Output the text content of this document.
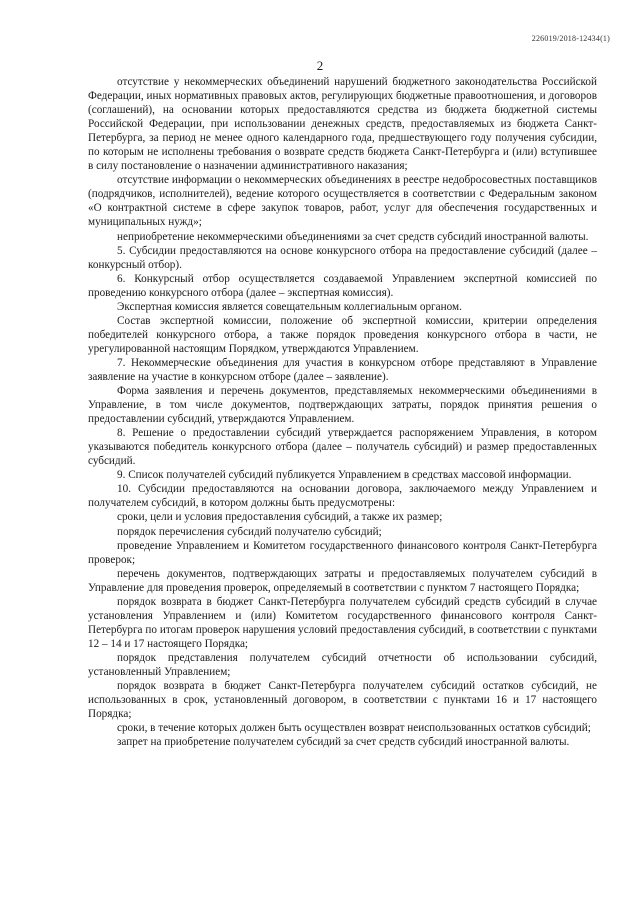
226019/2018-12434(1)
2

отсутствие у некоммерческих объединений нарушений бюджетного законодательства Российской Федерации, иных нормативных правовых актов, регулирующих бюджетные правоотношения, и договоров (соглашений), на основании которых предоставляются средства из бюджета бюджетной системы Российской Федерации, при использовании денежных средств, предоставляемых из бюджета Санкт-Петербурга, за период не менее одного календарного года, предшествующего году получения субсидии, по которым не исполнены требования о возврате средств бюджета Санкт-Петербурга и (или) вступившее в силу постановление о назначении административного наказания;

отсутствие информации о некоммерческих объединениях в реестре недобросовестных поставщиков (подрядчиков, исполнителей), ведение которого осуществляется в соответствии с Федеральным законом «О контрактной системе в сфере закупок товаров, работ, услуг для обеспечения государственных и муниципальных нужд»;

неприобретение некоммерческими объединениями за счет средств субсидий иностранной валюты.

5. Субсидии предоставляются на основе конкурсного отбора на предоставление субсидий (далее – конкурсный отбор).

6. Конкурсный отбор осуществляется создаваемой Управлением экспертной комиссией по проведению конкурсного отбора (далее – экспертная комиссия).

Экспертная комиссия является совещательным коллегиальным органом.

Состав экспертной комиссии, положение об экспертной комиссии, критерии определения победителей конкурсного отбора, а также порядок проведения конкурсного отбора в части, не урегулированной настоящим Порядком, утверждаются Управлением.

7. Некоммерческие объединения для участия в конкурсном отборе представляют в Управление заявление на участие в конкурсном отборе (далее – заявление).

Форма заявления и перечень документов, представляемых некоммерческими объединениями в Управление, в том числе документов, подтверждающих затраты, порядок принятия решения о предоставлении субсидий, утверждаются Управлением.

8. Решение о предоставлении субсидий утверждается распоряжением Управления, в котором указываются победитель конкурсного отбора (далее – получатель субсидий) и размер предоставленных субсидий.

9. Список получателей субсидий публикуется Управлением в средствах массовой информации.

10. Субсидии предоставляются на основании договора, заключаемого между Управлением и получателем субсидий, в котором должны быть предусмотрены:

сроки, цели и условия предоставления субсидий, а также их размер;

порядок перечисления субсидий получателю субсидий;

проведение Управлением и Комитетом государственного финансового контроля Санкт-Петербурга проверок;

перечень документов, подтверждающих затраты и предоставляемых получателем субсидий в Управление для проведения проверок, определяемый в соответствии с пунктом 7 настоящего Порядка;

порядок возврата в бюджет Санкт-Петербурга получателем субсидий средств субсидий в случае установления Управлением и (или) Комитетом государственного финансового контроля Санкт-Петербурга по итогам проверок нарушения условий предоставления субсидий, в соответствии с пунктами 12 – 14 и 17 настоящего Порядка;

порядок представления получателем субсидий отчетности об использовании субсидий, установленный Управлением;

порядок возврата в бюджет Санкт-Петербурга получателем субсидий остатков субсидий, не использованных в срок, установленный договором, в соответствии с пунктами 16 и 17 настоящего Порядка;

сроки, в течение которых должен быть осуществлен возврат неиспользованных остатков субсидий;

запрет на приобретение получателем субсидий за счет средств субсидий иностранной валюты.
